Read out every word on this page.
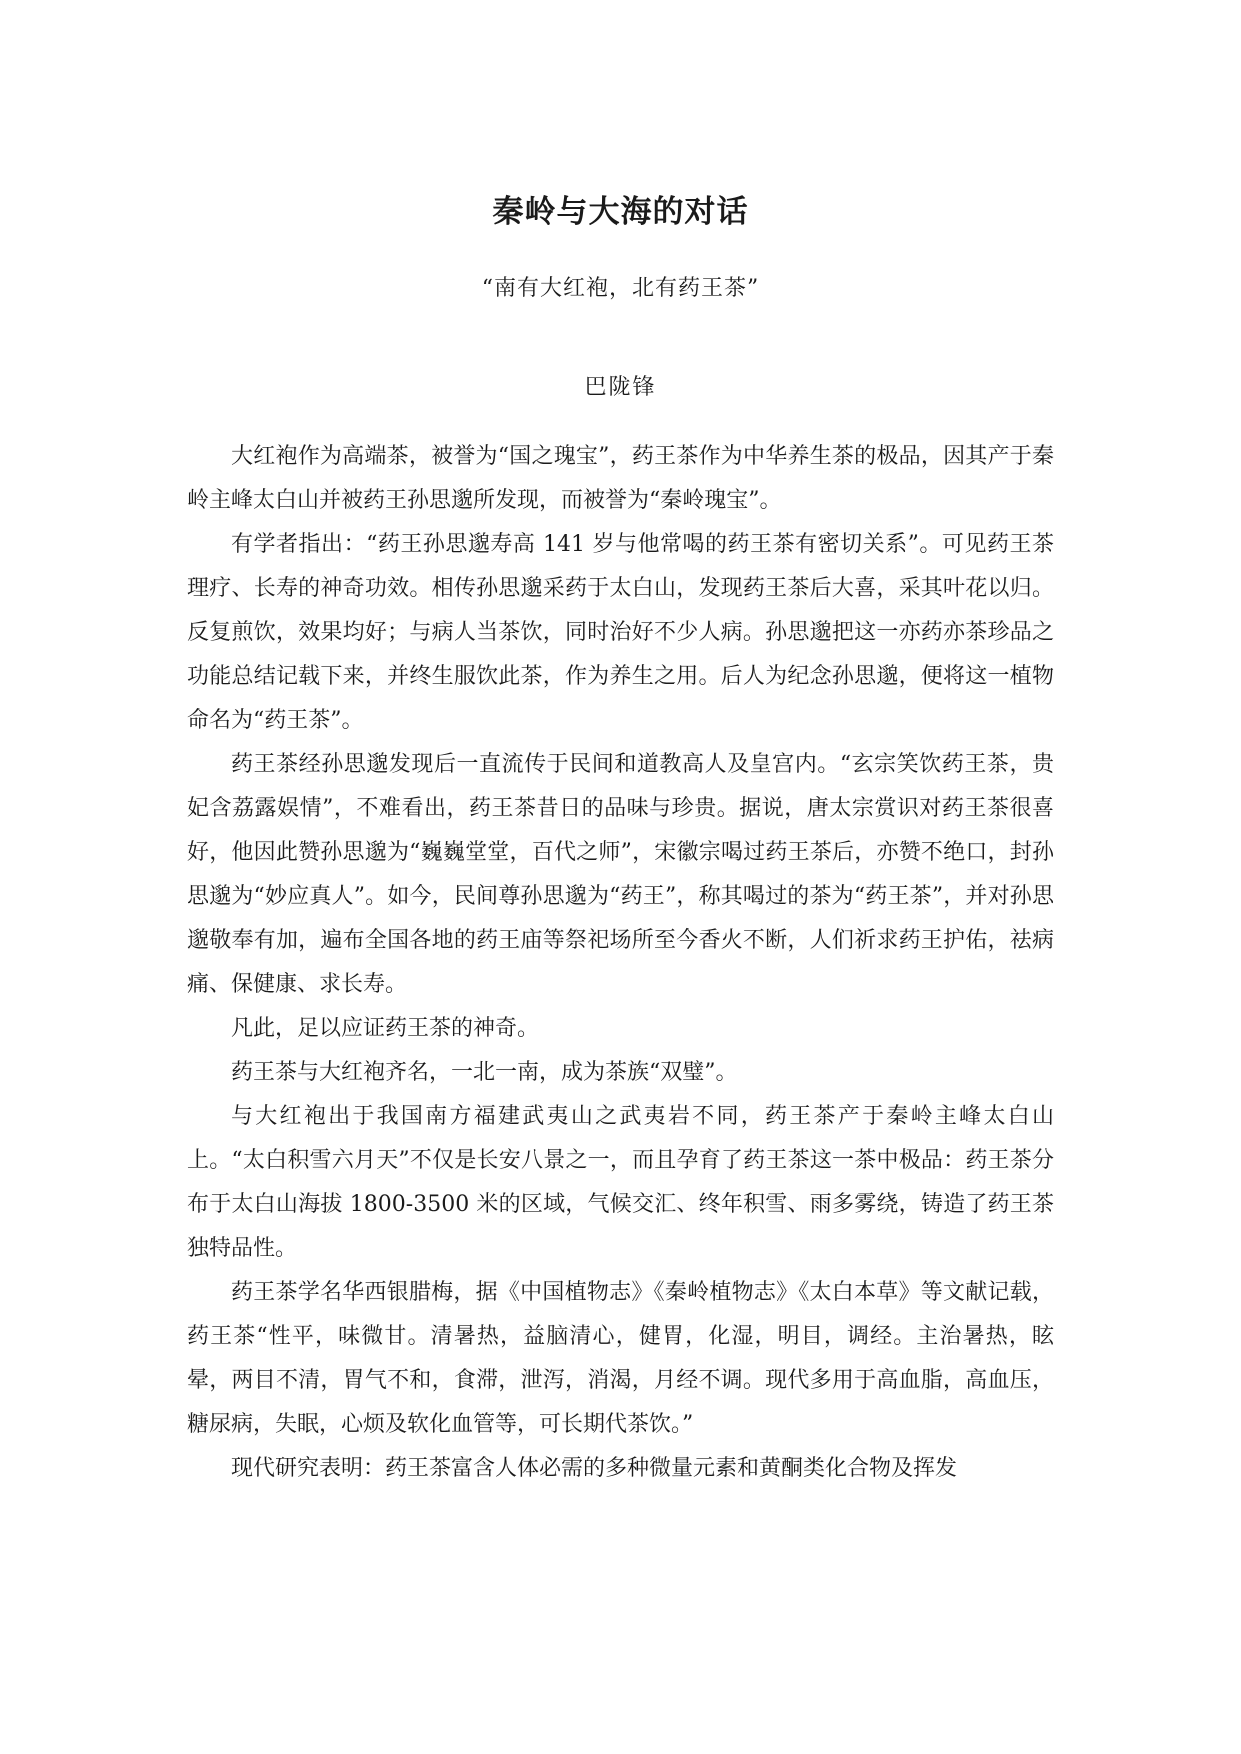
秦岭与大海的对话
“南有大红袍，北有药王茶”
巴陇锋

大红袍作为高端茶，被誉为“国之瑰宝”，药王茶作为中华养生茶的极品，因其产于秦岭主峰太白山并被药王孙思邈所发现，而被誉为“秦岭瑰宝”。

有学者指出：“药王孙思邈寿高 141 岁与他常喝的药王茶有密切关系”。可见药王茶理疗、长寿的神奇功效。相传孙思邈采药于太白山，发现药王茶后大喜，采其叶花以归。反复煎饮，效果均好；与病人当茶饮，同时治好不少人病。孙思邈把这一亦药亦茶珍品之功能总结记载下来，并终生服饮此茶，作为养生之用。后人为纪念孙思邈，便将这一植物命名为“药王茶”。

药王茶经孙思邈发现后一直流传于民间和道教高人及皇宫内。“玄宗笑饮药王茶，贵妃含荔露娱情”，不难看出，药王茶昔日的品味与珍贵。据说，唐太宗赏识对药王茶很喜好，他因此赞孙思邈为“巍巍堂堂，百代之师”，宋徽宗喝过药王茶后，亦赞不绝口，封孙思邈为“妙应真人”。如今，民间尊孙思邈为“药王”，称其喝过的茶为“药王茶”，并对孙思邈敬奉有加，遍布全国各地的药王庙等祭祀场所至今香火不断，人们祈求药王护佑，祛病痛、保健康、求长寿。

凡此，足以应证药王茶的神奇。

药王茶与大红袍齐名，一北一南，成为茶族“双璧”。

与大红袍出于我国南方福建武夷山之武夷岩不同，药王茶产于秦岭主峰太白山上。“太白积雪六月天”不仅是长安八景之一，而且孕育了药王茶这一茶中极品：药王茶分布于太白山海拔 1800-3500 米的区域，气候交汇、终年积雪、雨多雾绕，铸造了药王茶独特品性。

药王茶学名华西银腊梅，据《中国植物志》《秦岭植物志》《太白本草》等文献记载，药王茶“性平，味微甘。清暑热，益脑清心，健胃，化湿，明目，调经。主治暑热，眩晕，两目不清，胃气不和，食滞，泄泻，消渴，月经不调。现代多用于高血脂，高血压，糖尿病，失眠，心烦及软化血管等，可长期代茶饮。”

现代研究表明：药王茶富含人体必需的多种微量元素和黄酮类化合物及挥发
